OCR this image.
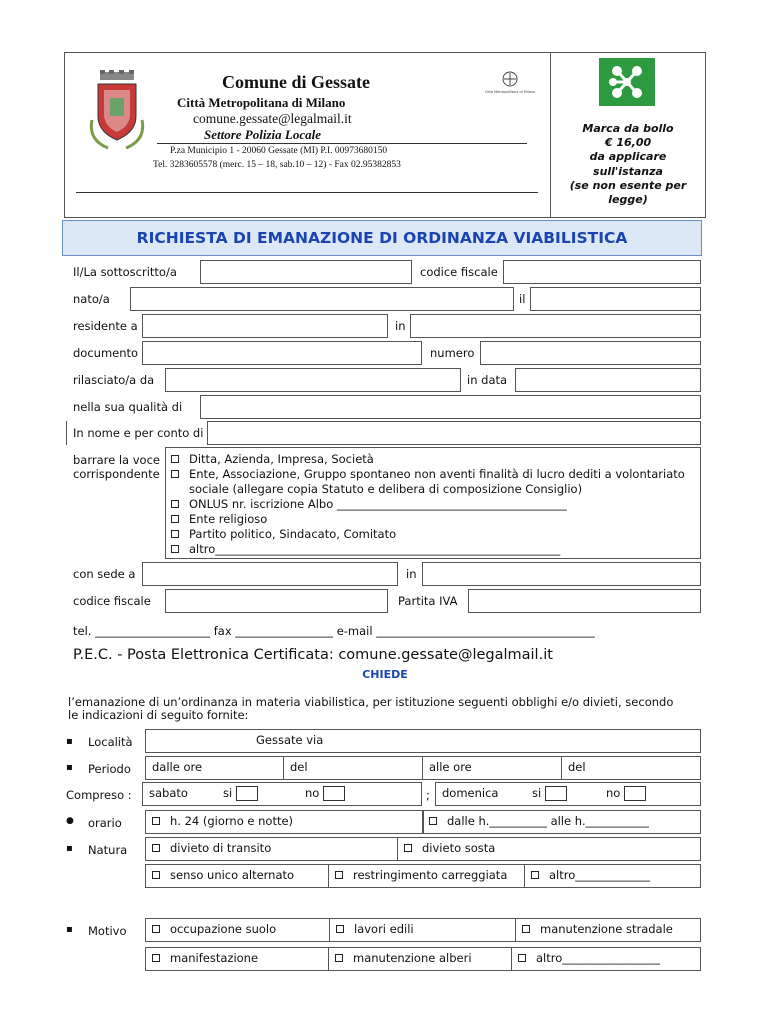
Comune di Gessate
Città Metropolitana di Milano
comune.gessate@legalmail.it
Settore Polizia Locale
P.za Municipio 1 - 20060 Gessate (MI) P.I. 00973680150
Tel. 3283605578 (merc. 15 – 18, sab.10 – 12) - Fax 02.95382853
Città Metropolitana di Milano
Marca da bollo
€ 16,00
da applicare
sull'istanza
(se non esente per
legge)
RICHIESTA DI EMANAZIONE DI ORDINANZA VIABILISTICA
Il/La sottoscritto/a	codice fiscale
nato/a	il
residente a	in
documento	numero
rilasciato/a da	in data
nella sua qualità di
In nome e per conto di
barrare la voce
corrispondente
Ditta, Azienda, Impresa, Società
Ente, Associazione, Gruppo spontaneo non aventi finalità di lucro dediti a volontariato
sociale (allegare copia Statuto e delibera di composizione Consiglio)
ONLUS nr. iscrizione Albo ________________________________________
Ente religioso
Partito politico, Sindacato, Comitato
altro____________________________________________________________
con sede a	in
codice fiscale	Partita IVA
tel. ____________________ fax _________________ e-mail ______________________________________
P.E.C. - Posta Elettronica Certificata: comune.gessate@legalmail.it
CHIEDE
l’emanazione di un’ordinanza in materia viabilistica, per istituzione seguenti obblighi e/o divieti, secondo
le indicazioni di seguito fornite:
▪ Località	Gessate via
▪ Periodo	dalle ore	del	alle ore	del
Compreso :	sabato	si	no	;	domenica	si	no
● orario	h. 24 (giorno e notte)	dalle h.__________ alle h.___________
▪ Natura	divieto di transito	divieto sosta
senso unico alternato	restringimento carreggiata	altro_____________
▪ Motivo	occupazione suolo	lavori edili	manutenzione stradale
manifestazione	manutenzione alberi	altro_________________
